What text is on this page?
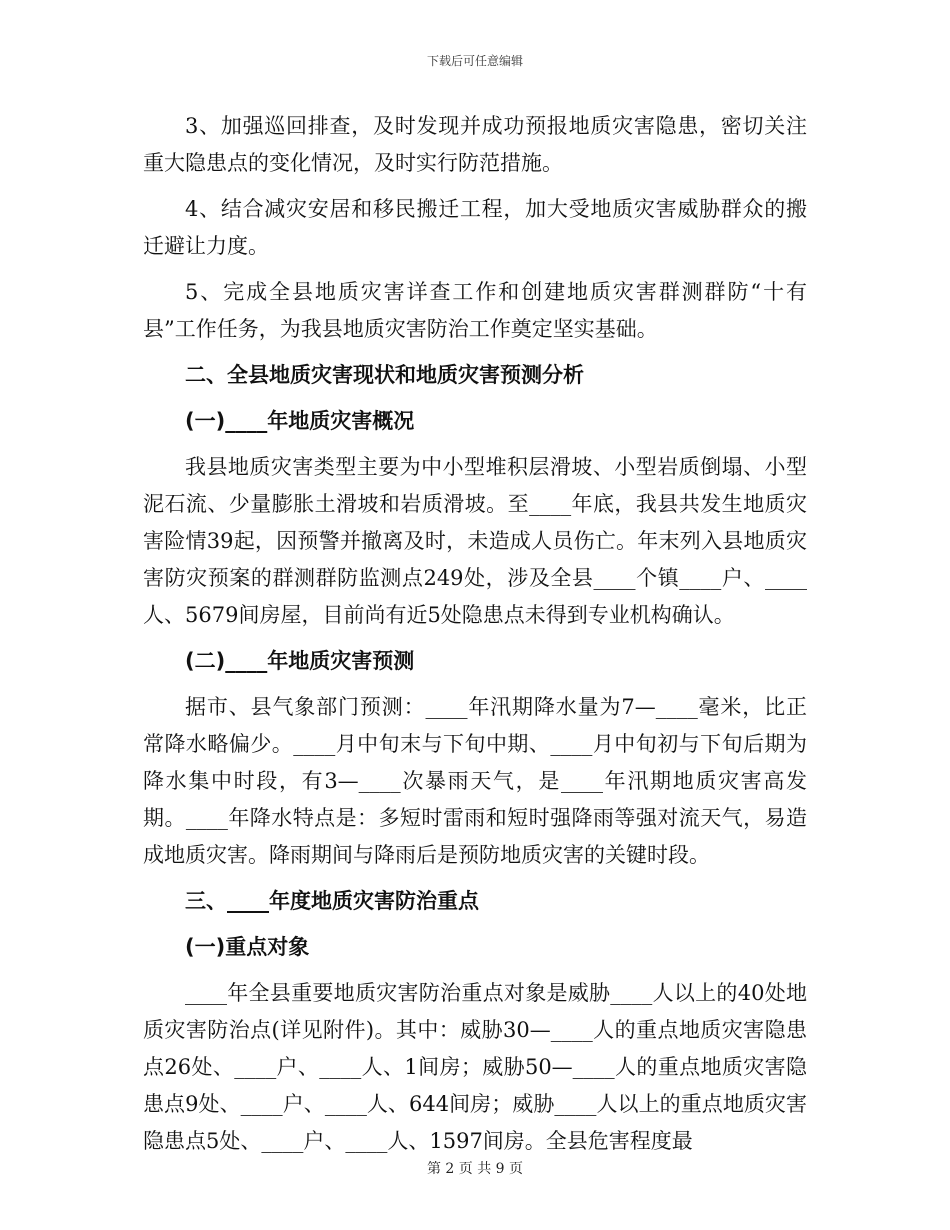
下载后可任意编辑

3、加强巡回排查，及时发现并成功预报地质灾害隐患，密切关注重大隐患点的变化情况，及时实行防范措施。

4、结合减灾安居和移民搬迁工程，加大受地质灾害威胁群众的搬迁避让力度。

5、完成全县地质灾害详查工作和创建地质灾害群测群防“十有县”工作任务，为我县地质灾害防治工作奠定坚实基础。

二、全县地质灾害现状和地质灾害预测分析

(一)____年地质灾害概况

我县地质灾害类型主要为中小型堆积层滑坡、小型岩质倒塌、小型泥石流、少量膨胀土滑坡和岩质滑坡。至____年底，我县共发生地质灾害险情39起，因预警并撤离及时，未造成人员伤亡。年末列入县地质灾害防灾预案的群测群防监测点249处，涉及全县____个镇____户、____人、5679间房屋，目前尚有近5处隐患点未得到专业机构确认。

(二)____年地质灾害预测

据市、县气象部门预测：____年汛期降水量为7—____毫米，比正常降水略偏少。____月中旬末与下旬中期、____月中旬初与下旬后期为降水集中时段，有3—____次暴雨天气，是____年汛期地质灾害高发期。____年降水特点是：多短时雷雨和短时强降雨等强对流天气，易造成地质灾害。降雨期间与降雨后是预防地质灾害的关键时段。

三、____年度地质灾害防治重点

(一)重点对象

____年全县重要地质灾害防治重点对象是威胁____人以上的40处地质灾害防治点(详见附件)。其中：威胁30—____人的重点地质灾害隐患点26处、____户、____人、1间房；威胁50—____人的重点地质灾害隐患点9处、____户、____人、644间房；威胁____人以上的重点地质灾害隐患点5处、____户、____人、1597间房。全县危害程度最

第 2 页 共 9 页
